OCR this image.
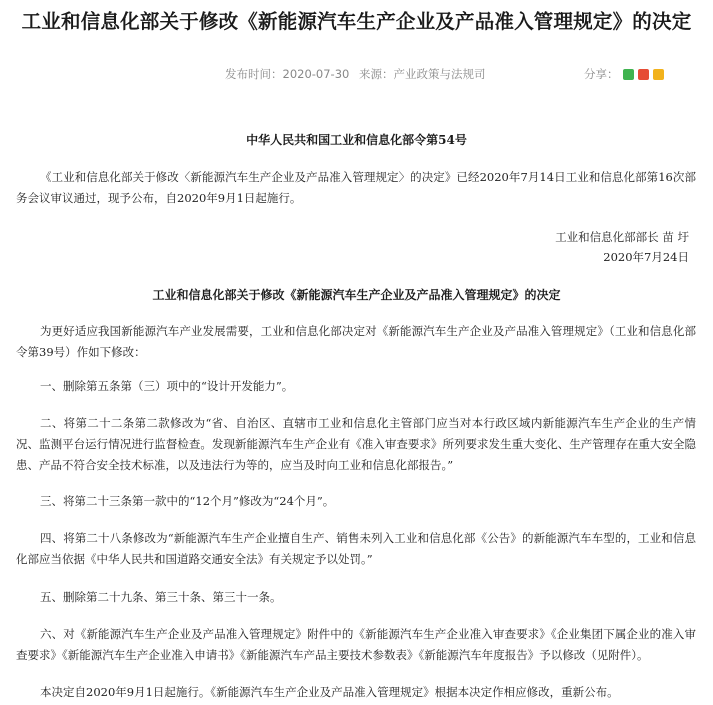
工业和信息化部关于修改《新能源汽车生产企业及产品准入管理规定》的决定
发布时间：2020-07-30 来源：产业政策与法规司	分享：
中华人民共和国工业和信息化部令第54号
《工业和信息化部关于修改〈新能源汽车生产企业及产品准入管理规定〉的决定》已经2020年7月14日工业和信息化部第16次部务会议审议通过，现予公布，自2020年9月1日起施行。
工业和信息化部部长 苗 圩
2020年7月24日
工业和信息化部关于修改《新能源汽车生产企业及产品准入管理规定》的决定
为更好适应我国新能源汽车产业发展需要，工业和信息化部决定对《新能源汽车生产企业及产品准入管理规定》（工业和信息化部令第39号）作如下修改：
一、删除第五条第（三）项中的“设计开发能力”。
二、将第二十二条第二款修改为“省、自治区、直辖市工业和信息化主管部门应当对本行政区域内新能源汽车生产企业的生产情况、监测平台运行情况进行监督检查。发现新能源汽车生产企业有《准入审查要求》所列要求发生重大变化、生产管理存在重大安全隐患、产品不符合安全技术标准，以及违法行为等的，应当及时向工业和信息化部报告。”
三、将第二十三条第一款中的“12个月”修改为“24个月”。
四、将第二十八条修改为“新能源汽车生产企业擅自生产、销售未列入工业和信息化部《公告》的新能源汽车车型的，工业和信息化部应当依据《中华人民共和国道路交通安全法》有关规定予以处罚。”
五、删除第二十九条、第三十条、第三十一条。
六、对《新能源汽车生产企业及产品准入管理规定》附件中的《新能源汽车生产企业准入审查要求》《企业集团下属企业的准入审查要求》《新能源汽车生产企业准入申请书》《新能源汽车产品主要技术参数表》《新能源汽车年度报告》予以修改（见附件）。
本决定自2020年9月1日起施行。《新能源汽车生产企业及产品准入管理规定》根据本决定作相应修改，重新公布。
